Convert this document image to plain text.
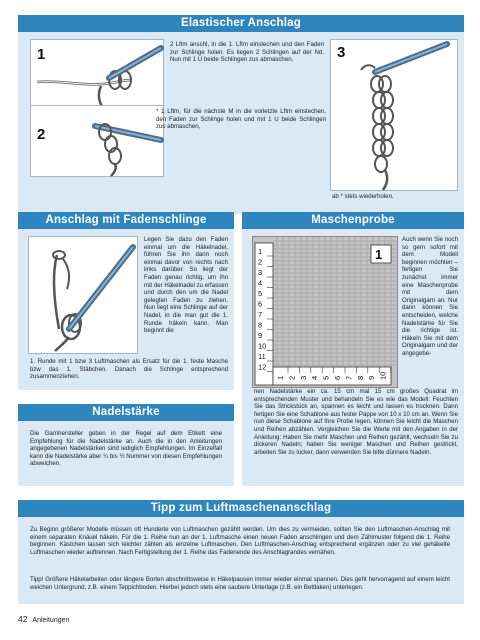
Elastischer Anschlag
1
2 Lftm anschl, in die 1. Lftm einstechen und den Faden zur Schlinge holen. Es liegen 2 Schlingen auf der Nd. Nun mit 1 U beide Schlingen zus abmaschen.
2
* 1 Lftm, für die nächste M in die vorletzte Lftm einstechen, den Faden zur Schlinge holen und mit 1 U beide Schlingen zus abmaschen,
3
ab * stets wiederholen.
Anschlag mit Fadenschlinge
Legen Sie dazu den Faden einmal um die Häkelnadel, führen Sie ihn dann noch einmal davor von rechts nach links darüber. So liegt der Faden genau richtig, um ihn mit der Häkelnadel zu erfassen und durch den um die Nadel gelegten Faden zu ziehen. Nun liegt eine Schlinge auf der Nadel, in die man gut die 1. Runde häkeln kann. Man beginnt die
1. Runde mit 1 bzw 3 Luftmaschen als Ersatz für die 1. feste Masche bzw das 1. Stäbchen. Danach die Schlinge entsprechend zusammenziehen.
Nadelstärke
Die Garnhersteller geben in der Regel auf dem Etikett eine Empfehlung für die Nadelstärke an. Auch die in den Anleitungen angegebenen Nadelstärken sind lediglich Empfehlungen. Im Einzelfall kann die Nadelstärke aber ¼ bis ½ Nummer von diesen Empfehlungen abweichen.
Maschenprobe
1
2
3
4
5
6
7
8
9
10
11
12
1 2 3 4 5 6 7 8 9 10
1
Auch wenn Sie noch so gern sofort mit dem Modell beginnen möchten – fertigen Sie zunächst immer eine Maschenprobe mit dem Originalgarn an. Nur dann können Sie entscheiden, welche Nadelstärke für Sie die richtige ist. Häkeln Sie mit dem Originalgarn und der angegebe-
nen Nadelstärke ein ca. 15 cm mal 15 cm großes Quadrat im entsprechenden Muster und behandeln Sie es wie das Modell: Feuchten Sie das Strickstück an, spannen es leicht und lassen es trocknen. Dann fertigen Sie eine Schablone aus fester Pappe von 10 x 10 cm an. Wenn Sie nun diese Schablone auf Ihre Probe legen, können Sie leicht die Maschen und Reihen abzählen. Vergleichen Sie die Werte mit den Angaben in der Anleitung: Haben Sie mehr Maschen und Reihen gezählt, wechseln Sie zu dickeren Nadeln; haben Sie weniger Maschen und Reihen gestrickt, arbeiten Sie zu locker, dann verwenden Sie bitte dünnere Nadeln.
Tipp zum Luftmaschenanschlag
Zu Beginn größerer Modelle müssen oft Hunderte von Luftmaschen gezählt werden. Um dies zu vermeiden, sollten Sie den Luftmaschen-Anschlag mit einem separaten Knäuel häkeln. Für die 1. Reihe nun an der 1. Luftmasche einen neuen Faden anschlingen und dem Zählmuster folgend die 1. Reihe beginnen. Kästchen lassen sich leichter zählen als einzelne Luftmaschen. Den Luftmaschen-Anschlag entsprechend ergänzen oder zu viel gehäkelte Luftmaschen wieder auftrennen. Nach Fertigstellung der 1. Reihe das Fadenende des Anschlagrandes vernähen.
Tipp! Größere Häkelarbeiten oder längere Borten abschnittsweise in Häkelpausen immer wieder einmal spannen. Dies geht hervorragend auf einem leicht weichen Untergrund, z.B. einem Teppichboden. Hierbei jedoch stets eine saubere Unterlage (z.B. ein Bettlaken) unterlegen.
42 Anleitungen
